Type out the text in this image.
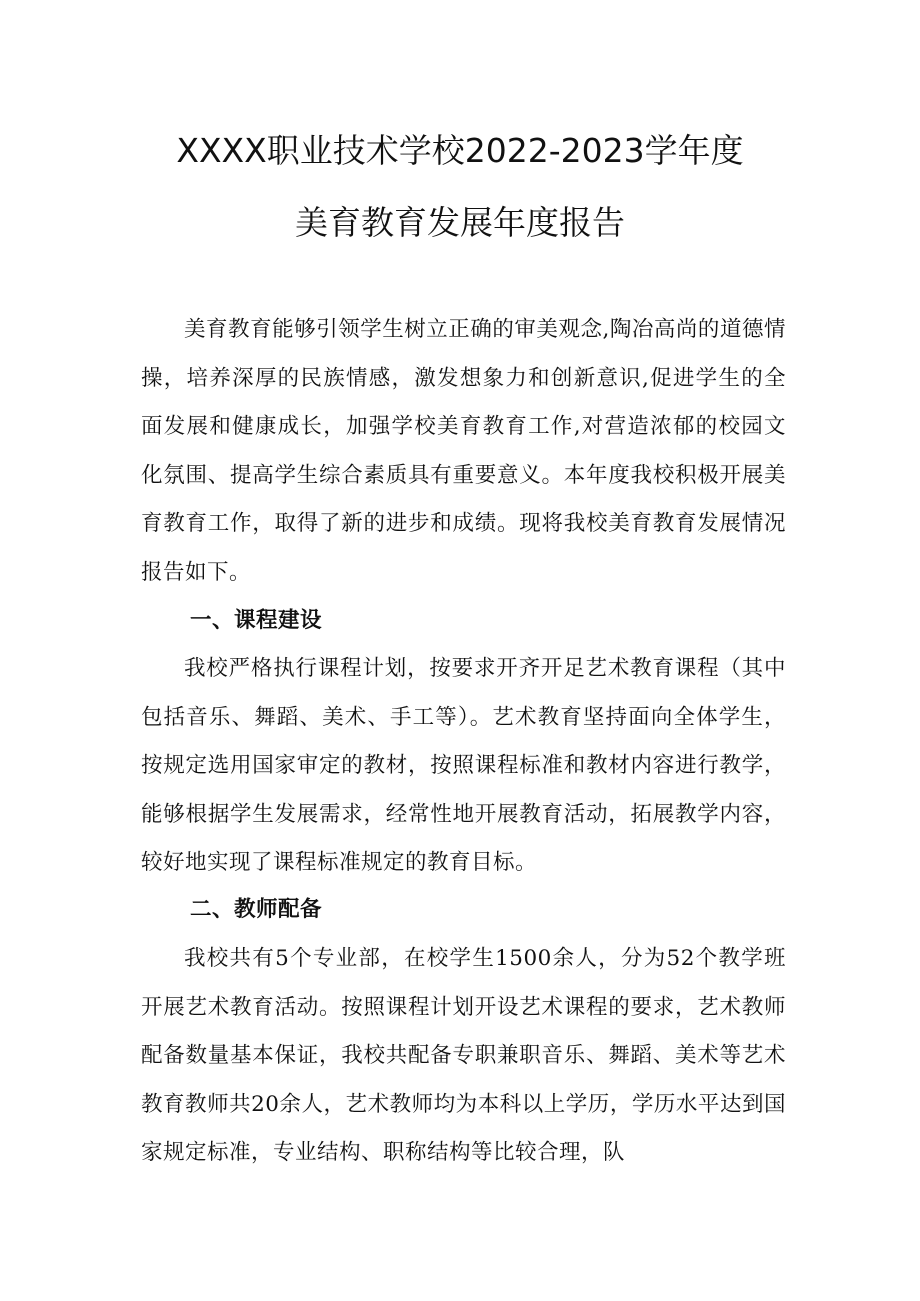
XXXX职业技术学校2022-2023学年度
美育教育发展年度报告
美育教育能够引领学生树立正确的审美观念,陶冶高尚的道德情操，培养深厚的民族情感，激发想象力和创新意识,促进学生的全面发展和健康成长，加强学校美育教育工作,对营造浓郁的校园文化氛围、提高学生综合素质具有重要意义。本年度我校积极开展美育教育工作，取得了新的进步和成绩。现将我校美育教育发展情况报告如下。
一、课程建设
我校严格执行课程计划，按要求开齐开足艺术教育课程（其中包括音乐、舞蹈、美术、手工等）。艺术教育坚持面向全体学生，按规定选用国家审定的教材，按照课程标准和教材内容进行教学，能够根据学生发展需求，经常性地开展教育活动，拓展教学内容，较好地实现了课程标准规定的教育目标。
二、教师配备
我校共有5个专业部，在校学生1500余人，分为52个教学班开展艺术教育活动。按照课程计划开设艺术课程的要求，艺术教师配备数量基本保证，我校共配备专职兼职音乐、舞蹈、美术等艺术教育教师共20余人，艺术教师均为本科以上学历，学历水平达到国家规定标准，专业结构、职称结构等比较合理，队
